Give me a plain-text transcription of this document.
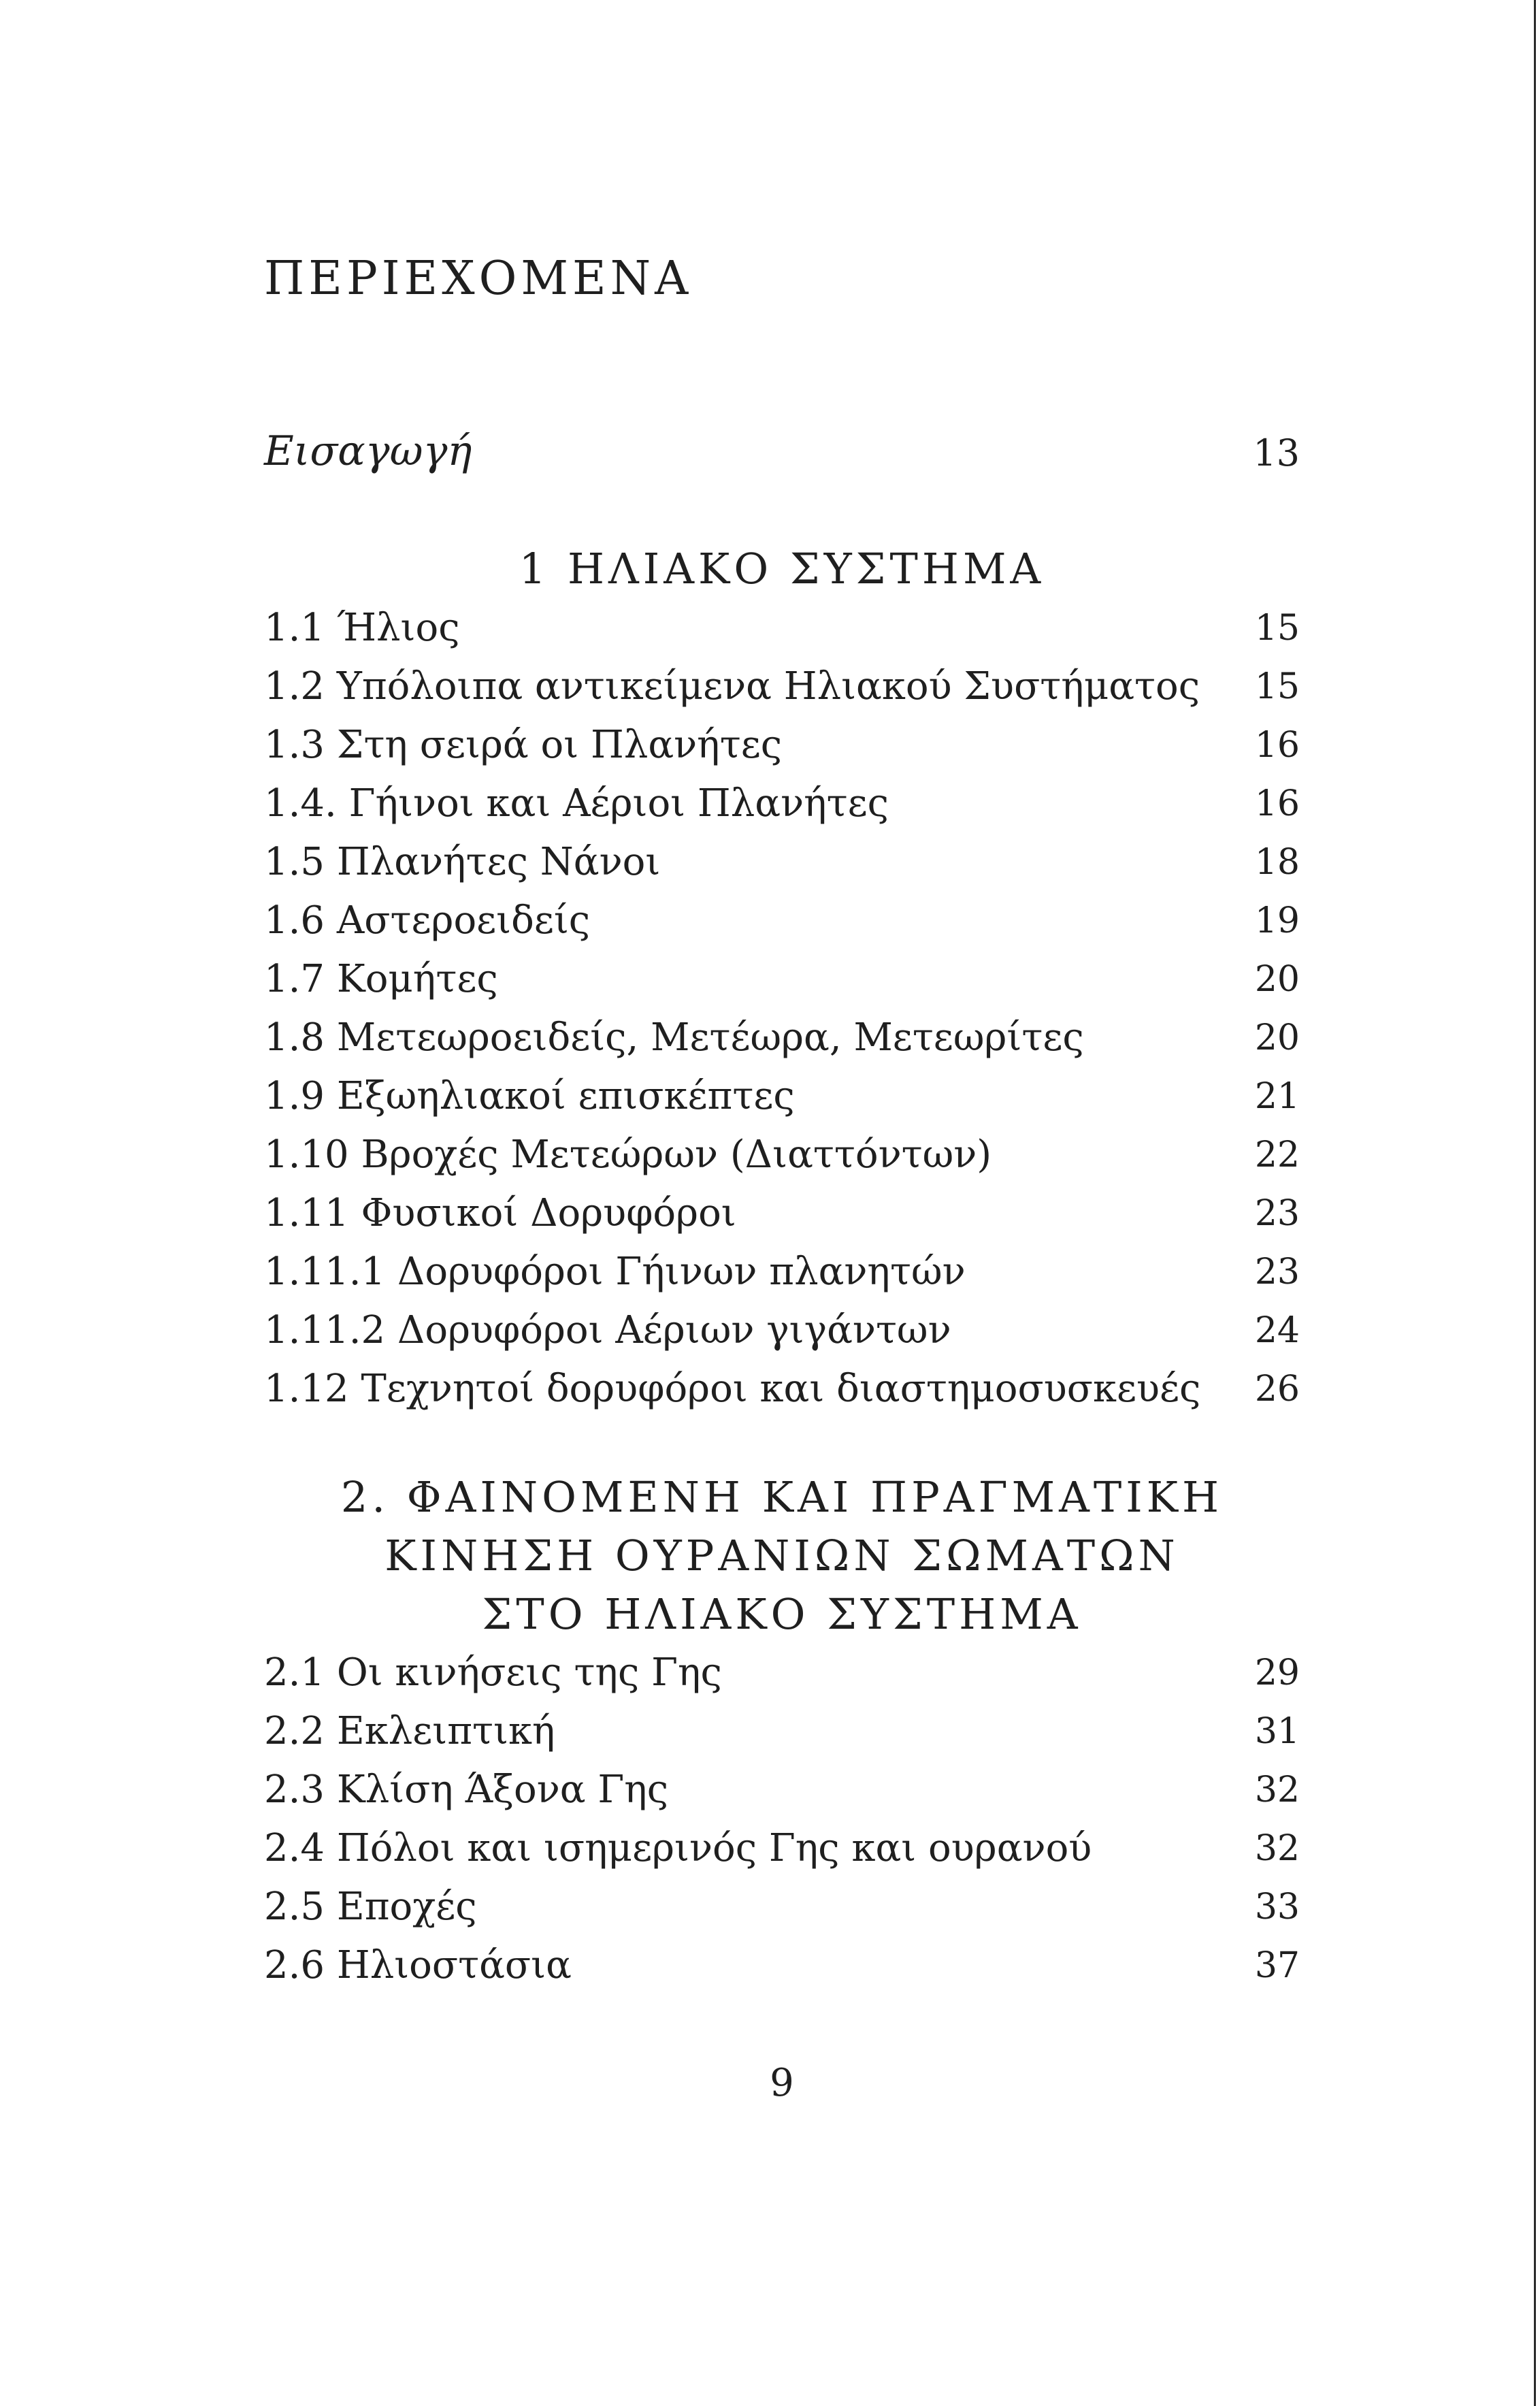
ΠΕΡΙΕΧΟΜΕΝΑ
Εισαγωγή	13
1 ΗΛΙΑΚΟ ΣΥΣΤΗΜΑ
1.1 Ήλιος	15
1.2 Υπόλοιπα αντικείμενα Ηλιακού Συστήματος 15
1.3 Στη σειρά οι Πλανήτες	16
1.4. Γήινοι και Αέριοι Πλανήτες	16
1.5 Πλανήτες Νάνοι	18
1.6 Αστεροειδείς	19
1.7 Κομήτες	20
1.8 Μετεωροειδείς, Μετέωρα, Μετεωρίτες	20
1.9 Εξωηλιακοί επισκέπτες	21
1.10 Βροχές Μετεώρων (Διαττόντων)	22
1.11 Φυσικοί Δορυφόροι	23
1.11.1 Δορυφόροι Γήινων πλανητών	23
1.11.2 Δορυφόροι Αέριων γιγάντων	24
1.12 Τεχνητοί δορυφόροι και διαστημοσυσκευές 26
2. ΦΑΙΝΟΜΕΝΗ ΚΑΙ ΠΡΑΓΜΑΤΙΚΗ
ΚΙΝΗΣΗ ΟΥΡΑΝΙΩΝ ΣΩΜΑΤΩΝ
ΣΤΟ ΗΛΙΑΚΟ ΣΥΣΤΗΜΑ
2.1 Οι κινήσεις της Γης	29
2.2 Εκλειπτική	31
2.3 Κλίση Άξονα Γης	32
2.4 Πόλοι και ισημερινός Γης και ουρανού	32
2.5 Εποχές	33
2.6 Ηλιοστάσια	37
9
